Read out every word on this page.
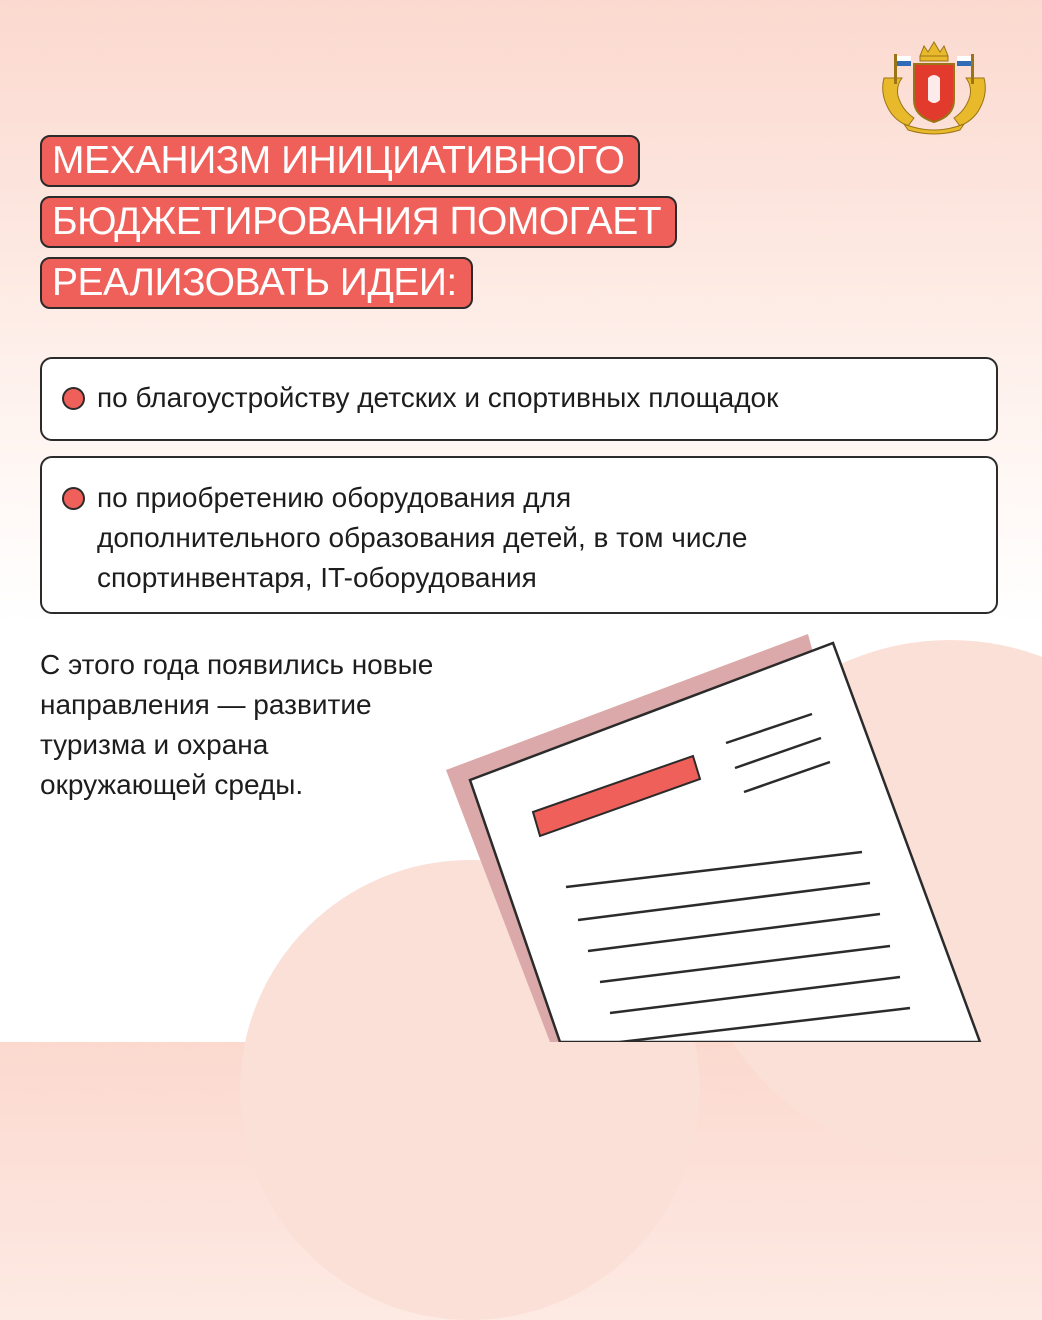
МЕХАНИЗМ ИНИЦИАТИВНОГО
БЮДЖЕТИРОВАНИЯ ПОМОГАЕТ
РЕАЛИЗОВАТЬ ИДЕИ:
по благоустройству детских и спортивных площадок
по приобретению оборудования для
дополнительного образования детей, в том числе
спортинвентаря, IT-оборудования
С этого года появились новые
направления — развитие
туризма и охрана
окружающей среды.
